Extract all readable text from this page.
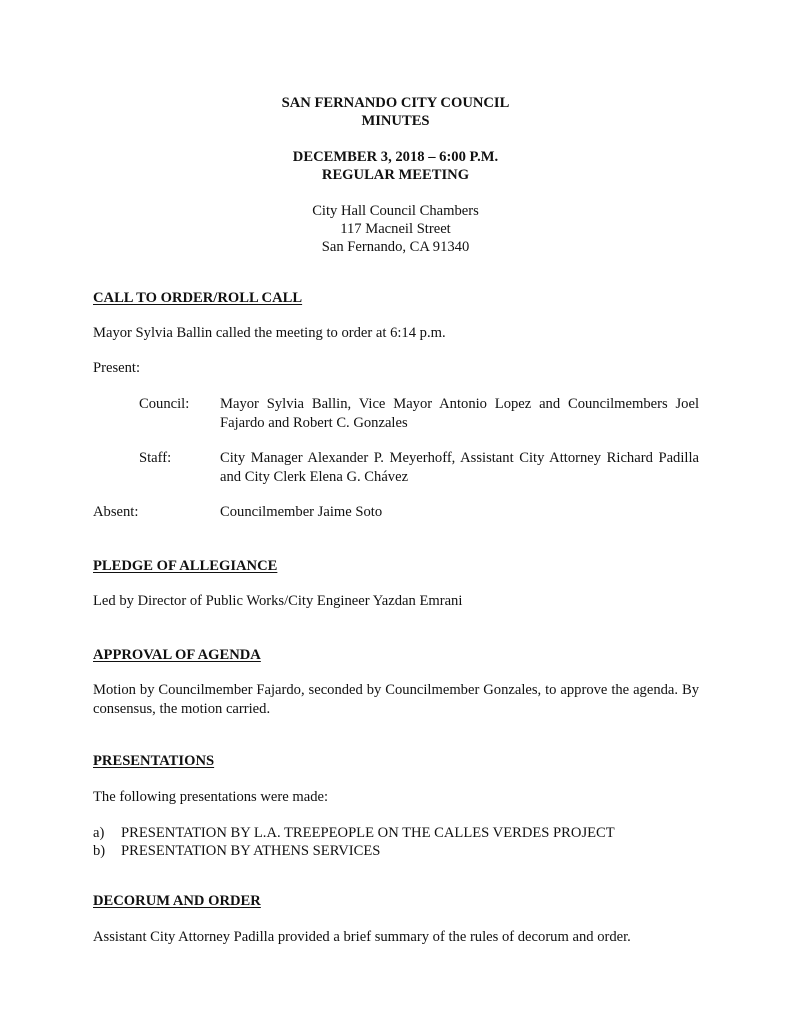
SAN FERNANDO CITY COUNCIL
MINUTES
DECEMBER 3, 2018 – 6:00 P.M.
REGULAR MEETING
City Hall Council Chambers
117 Macneil Street
San Fernando, CA 91340
CALL TO ORDER/ROLL CALL
Mayor Sylvia Ballin called the meeting to order at 6:14 p.m.
Present:
Council: Mayor Sylvia Ballin, Vice Mayor Antonio Lopez and Councilmembers Joel Fajardo and Robert C. Gonzales
Staff:	City Manager Alexander P. Meyerhoff, Assistant City Attorney Richard Padilla and City Clerk Elena G. Chávez
Absent:	Councilmember Jaime Soto
PLEDGE OF ALLEGIANCE
Led by Director of Public Works/City Engineer Yazdan Emrani
APPROVAL OF AGENDA
Motion by Councilmember Fajardo, seconded by Councilmember Gonzales, to approve the agenda. By consensus, the motion carried.
PRESENTATIONS
The following presentations were made:
a) PRESENTATION BY L.A. TREEPEOPLE ON THE CALLES VERDES PROJECT
b) PRESENTATION BY ATHENS SERVICES
DECORUM AND ORDER
Assistant City Attorney Padilla provided a brief summary of the rules of decorum and order.
